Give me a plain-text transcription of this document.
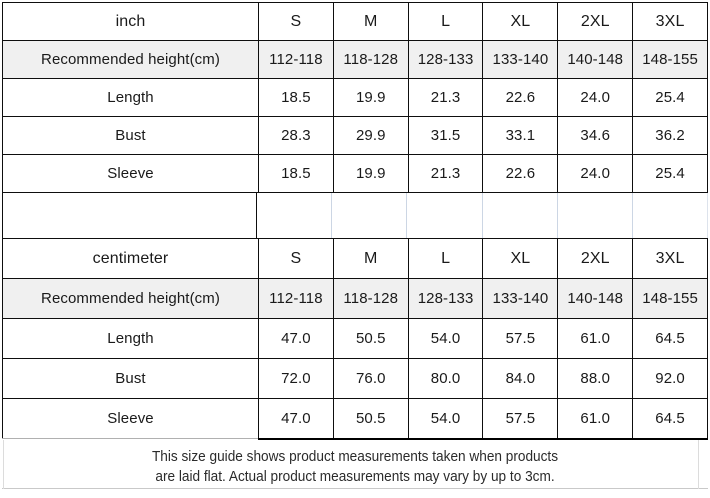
inch	S	M	L	XL	2XL	3XL
Recommended height(cm)	112-118	118-128	128-133	133-140	140-148	148-155
Length	18.5	19.9	21.3	22.6	24.0	25.4
Bust	28.3	29.9	31.5	33.1	34.6	36.2
Sleeve	18.5	19.9	21.3	22.6	24.0	25.4
centimeter	S	M	L	XL	2XL	3XL
Recommended height(cm)	112-118	118-128	128-133	133-140	140-148	148-155
Length	47.0	50.5	54.0	57.5	61.0	64.5
Bust	72.0	76.0	80.0	84.0	88.0	92.0
Sleeve	47.0	50.5	54.0	57.5	61.0	64.5

This size guide shows product measurements taken when products

are laid flat. Actual product measurements may vary by up to 3cm.
